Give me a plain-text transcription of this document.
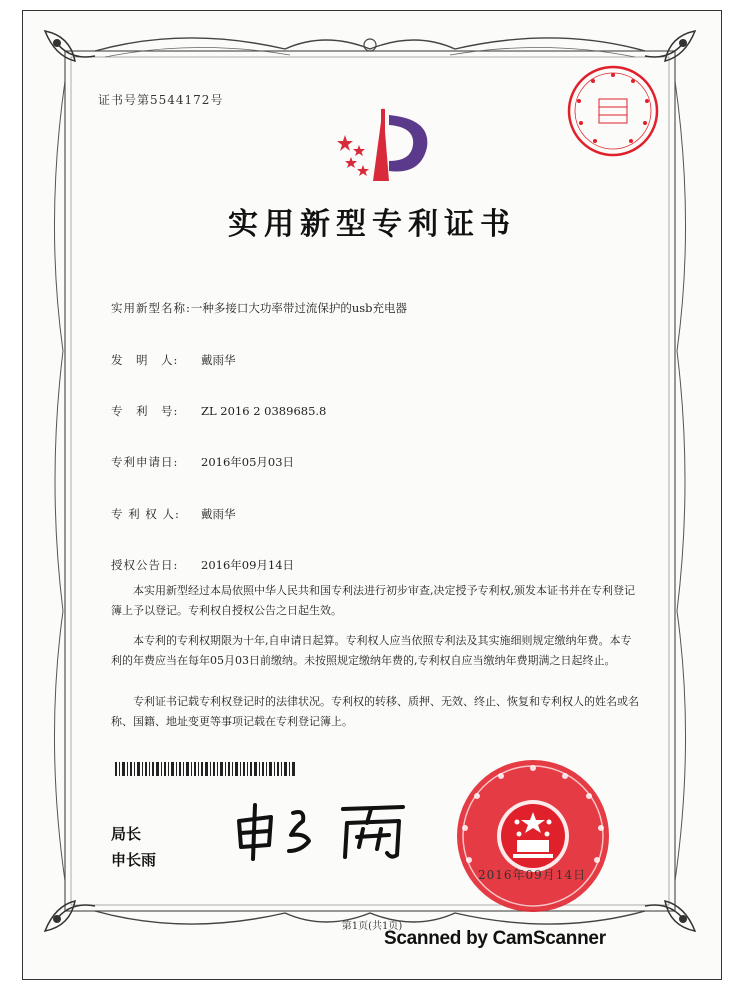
证书号第5544172号
实用新型专利证书
实用新型名称:一种多接口大功率带过流保护的usb充电器
发　明　人: 戴雨华
专　利　号: ZL 2016 2 0389685.8
专利申请日: 2016年05月03日
专 利 权 人: 戴雨华
授权公告日: 2016年09月14日
本实用新型经过本局依照中华人民共和国专利法进行初步审查,决定授予专利权,颁发本证书并在专利登记簿上予以登记。专利权自授权公告之日起生效。
本专利的专利权期限为十年,自申请日起算。专利权人应当依照专利法及其实施细则规定缴纳年费。本专利的年费应当在每年05月03日前缴纳。未按照规定缴纳年费的,专利权自应当缴纳年费期满之日起终止。
专利证书记载专利权登记时的法律状况。专利权的转移、质押、无效、终止、恢复和专利权人的姓名或名称、国籍、地址变更等事项记载在专利登记簿上。
局长
申长雨
2016年09月14日
第1页(共1页)
Scanned by CamScanner
